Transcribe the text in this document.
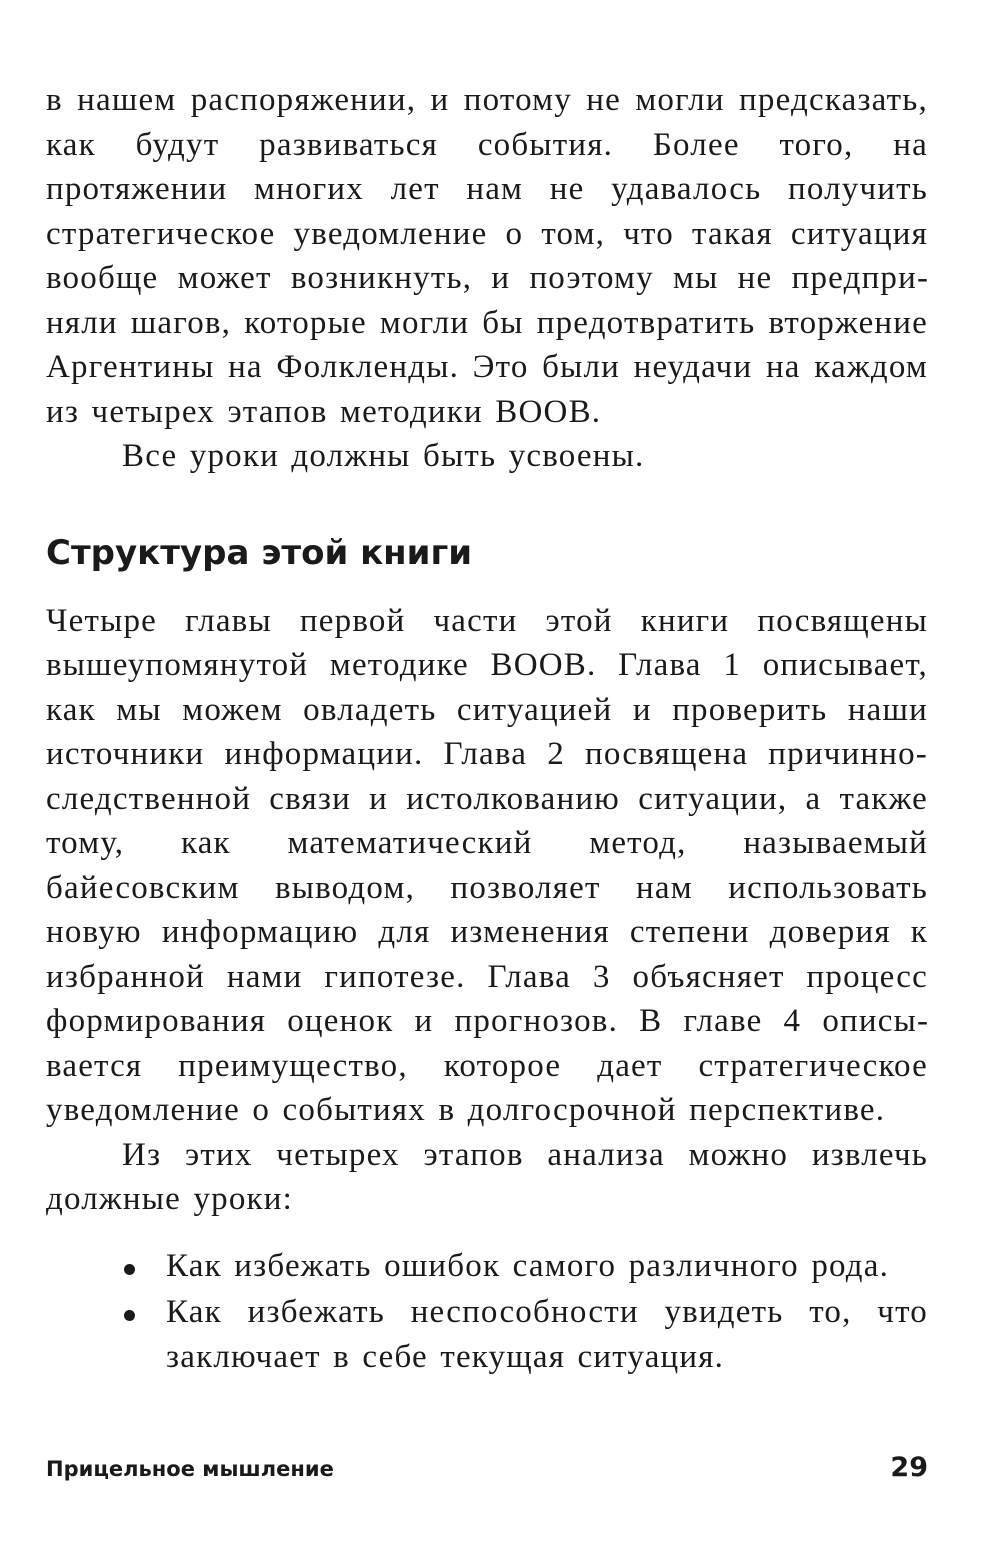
в нашем распоряжении, и потому не могли предсказать, как будут развиваться события. Более того, на протяжении многих лет нам не удавалось получить стратегическое уведомление о том, что такая ситуация вообще может возникнуть, и поэтому мы не предприняли шагов, которые могли бы предотвратить вторжение Аргентины на Фолкленды. Это были неудачи на каждом из четырех этапов методики BOOB.

Все уроки должны быть усвоены.

Структура этой книги

Четыре главы первой части этой книги посвящены вышеупомянутой методике BOOB. Глава 1 описывает, как мы можем овладеть ситуацией и проверить наши источники информации. Глава 2 посвящена причинно-следственной связи и истолкованию ситуации, а также тому, как математический метод, называемый байесовским выводом, позволяет нам использовать новую информацию для изменения степени доверия к избранной нами гипотезе. Глава 3 объясняет процесс формирования оценок и прогнозов. В главе 4 описывается преимущество, которое дает стратегическое уведомление о событиях в долгосрочной перспективе.

Из этих четырех этапов анализа можно извлечь должные уроки:

Как избежать ошибок самого различного рода.

Как избежать неспособности увидеть то, что заключает в себе текущая ситуация.

Прицельное мышление	29
